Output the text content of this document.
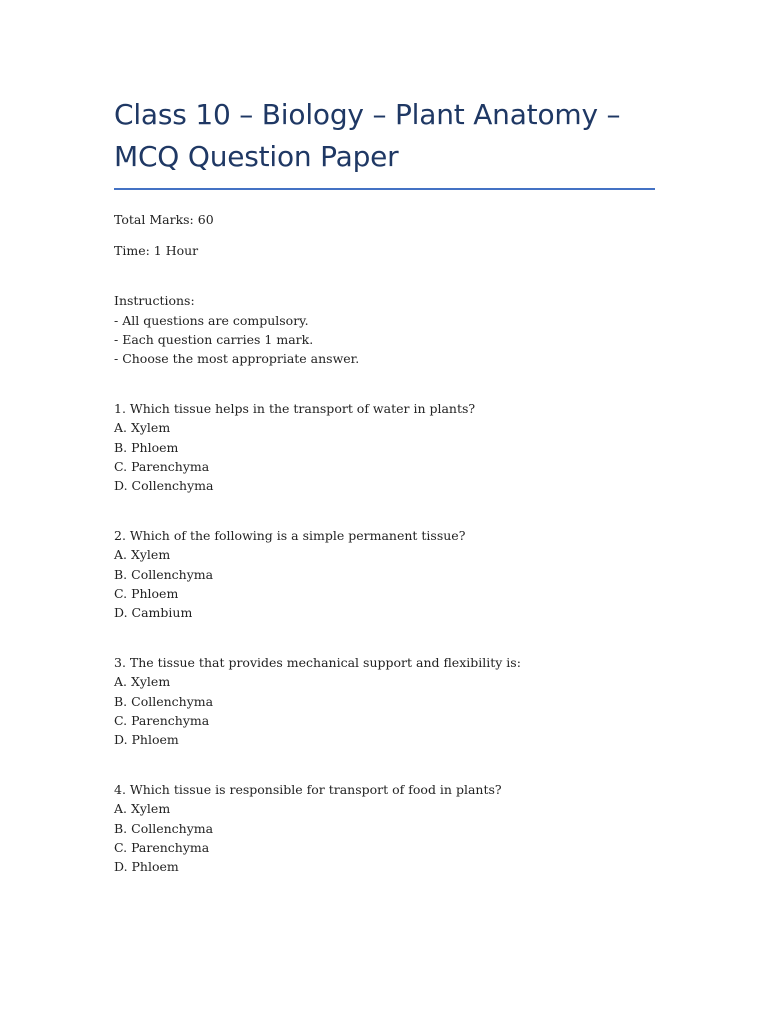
Class 10 – Biology – Plant Anatomy –
MCQ Question Paper

Total Marks: 60

Time: 1 Hour

Instructions:
- All questions are compulsory.
- Each question carries 1 mark.
- Choose the most appropriate answer.
1. Which tissue helps in the transport of water in plants?
A. Xylem
B. Phloem
C. Parenchyma
D. Collenchyma
2. Which of the following is a simple permanent tissue?
A. Xylem
B. Collenchyma
C. Phloem
D. Cambium
3. The tissue that provides mechanical support and flexibility is:
A. Xylem
B. Collenchyma
C. Parenchyma
D. Phloem
4. Which tissue is responsible for transport of food in plants?
A. Xylem
B. Collenchyma
C. Parenchyma
D. Phloem
